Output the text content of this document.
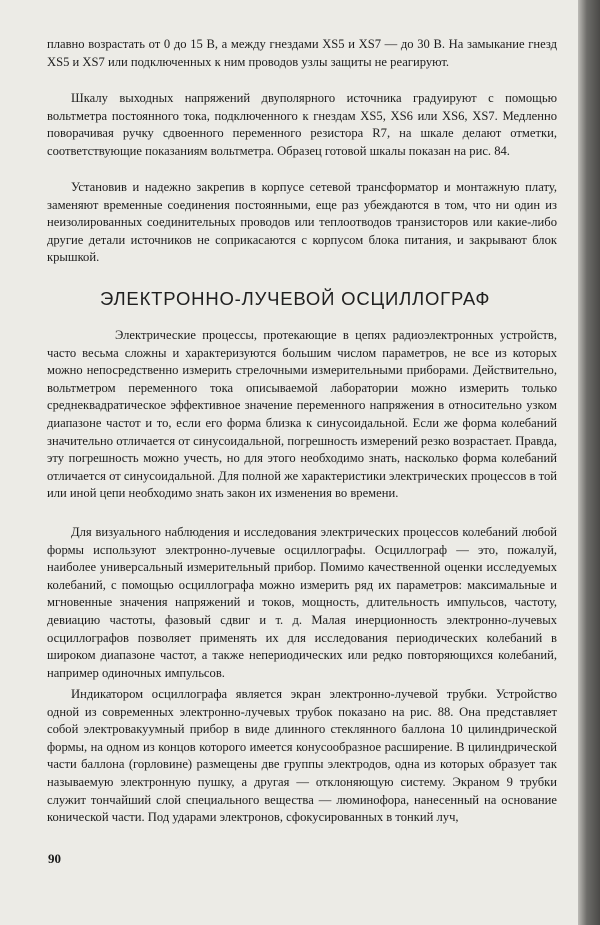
плавно возрастать от 0 до 15 В, а между гнездами XS5 и XS7 — до 30 В. На замыкание гнезд XS5 и XS7 или подключенных к ним проводов узлы защиты не реагируют.

Шкалу выходных напряжений двуполярного источника градуируют с помощью вольтметра постоянного тока, подключенного к гнездам XS5, XS6 или XS6, XS7. Медленно поворачивая ручку сдвоенного переменного резистора R7, на шкале делают отметки, соответствующие показаниям вольтметра. Образец готовой шкалы показан на рис. 84.

Установив и надежно закрепив в корпусе сетевой трансформатор и монтажную плату, заменяют временные соединения постоянными, еще раз убеждаются в том, что ни один из неизолированных соединительных проводов или теплоотводов транзисторов или какие-либо другие детали источников не соприкасаются с корпусом блока питания, и закрывают блок крышкой.

ЭЛЕКТРОННО-ЛУЧЕВОЙ ОСЦИЛЛОГРАФ

Электрические процессы, протекающие в цепях радиоэлектронных устройств, часто весьма сложны и характеризуются большим числом параметров, не все из которых можно непосредственно измерить стрелочными измерительными приборами. Действительно, вольтметром переменного тока описываемой лаборатории можно измерить только среднеквадратическое эффективное значение переменного напряжения в относительно узком диапазоне частот и то, если его форма близка к синусоидальной. Если же форма колебаний значительно отличается от синусоидальной, погрешность измерений резко возрастает. Правда, эту погрешность можно учесть, но для этого необходимо знать, насколько форма колебаний отличается от синусоидальной. Для полной же характеристики электрических процессов в той или иной цепи необходимо знать закон их изменения во времени.

Для визуального наблюдения и исследования электрических процессов колебаний любой формы используют электронно-лучевые осциллографы. Осциллограф — это, пожалуй, наиболее универсальный измерительный прибор. Помимо качественной оценки исследуемых колебаний, с помощью осциллографа можно измерить ряд их параметров: максимальные и мгновенные значения напряжений и токов, мощность, длительность импульсов, частоту, девиацию частоты, фазовый сдвиг и т. д. Малая инерционность электронно-лучевых осциллографов позволяет применять их для исследования периодических колебаний в широком диапазоне частот, а также непериодических или редко повторяющихся колебаний, например одиночных импульсов.

Индикатором осциллографа является экран электронно-лучевой трубки. Устройство одной из современных электронно-лучевых трубок показано на рис. 88. Она представляет собой электровакуумный прибор в виде длинного стеклянного баллона 10 цилиндрической формы, на одном из концов которого имеется конусообразное расширение. В цилиндрической части баллона (горловине) размещены две группы электродов, одна из которых образует так называемую электронную пушку, а другая — отклоняющую систему. Экраном 9 трубки служит тончайший слой специального вещества — люминофора, нанесенный на основание конической части. Под ударами электронов, сфокусированных в тонкий луч,

90
